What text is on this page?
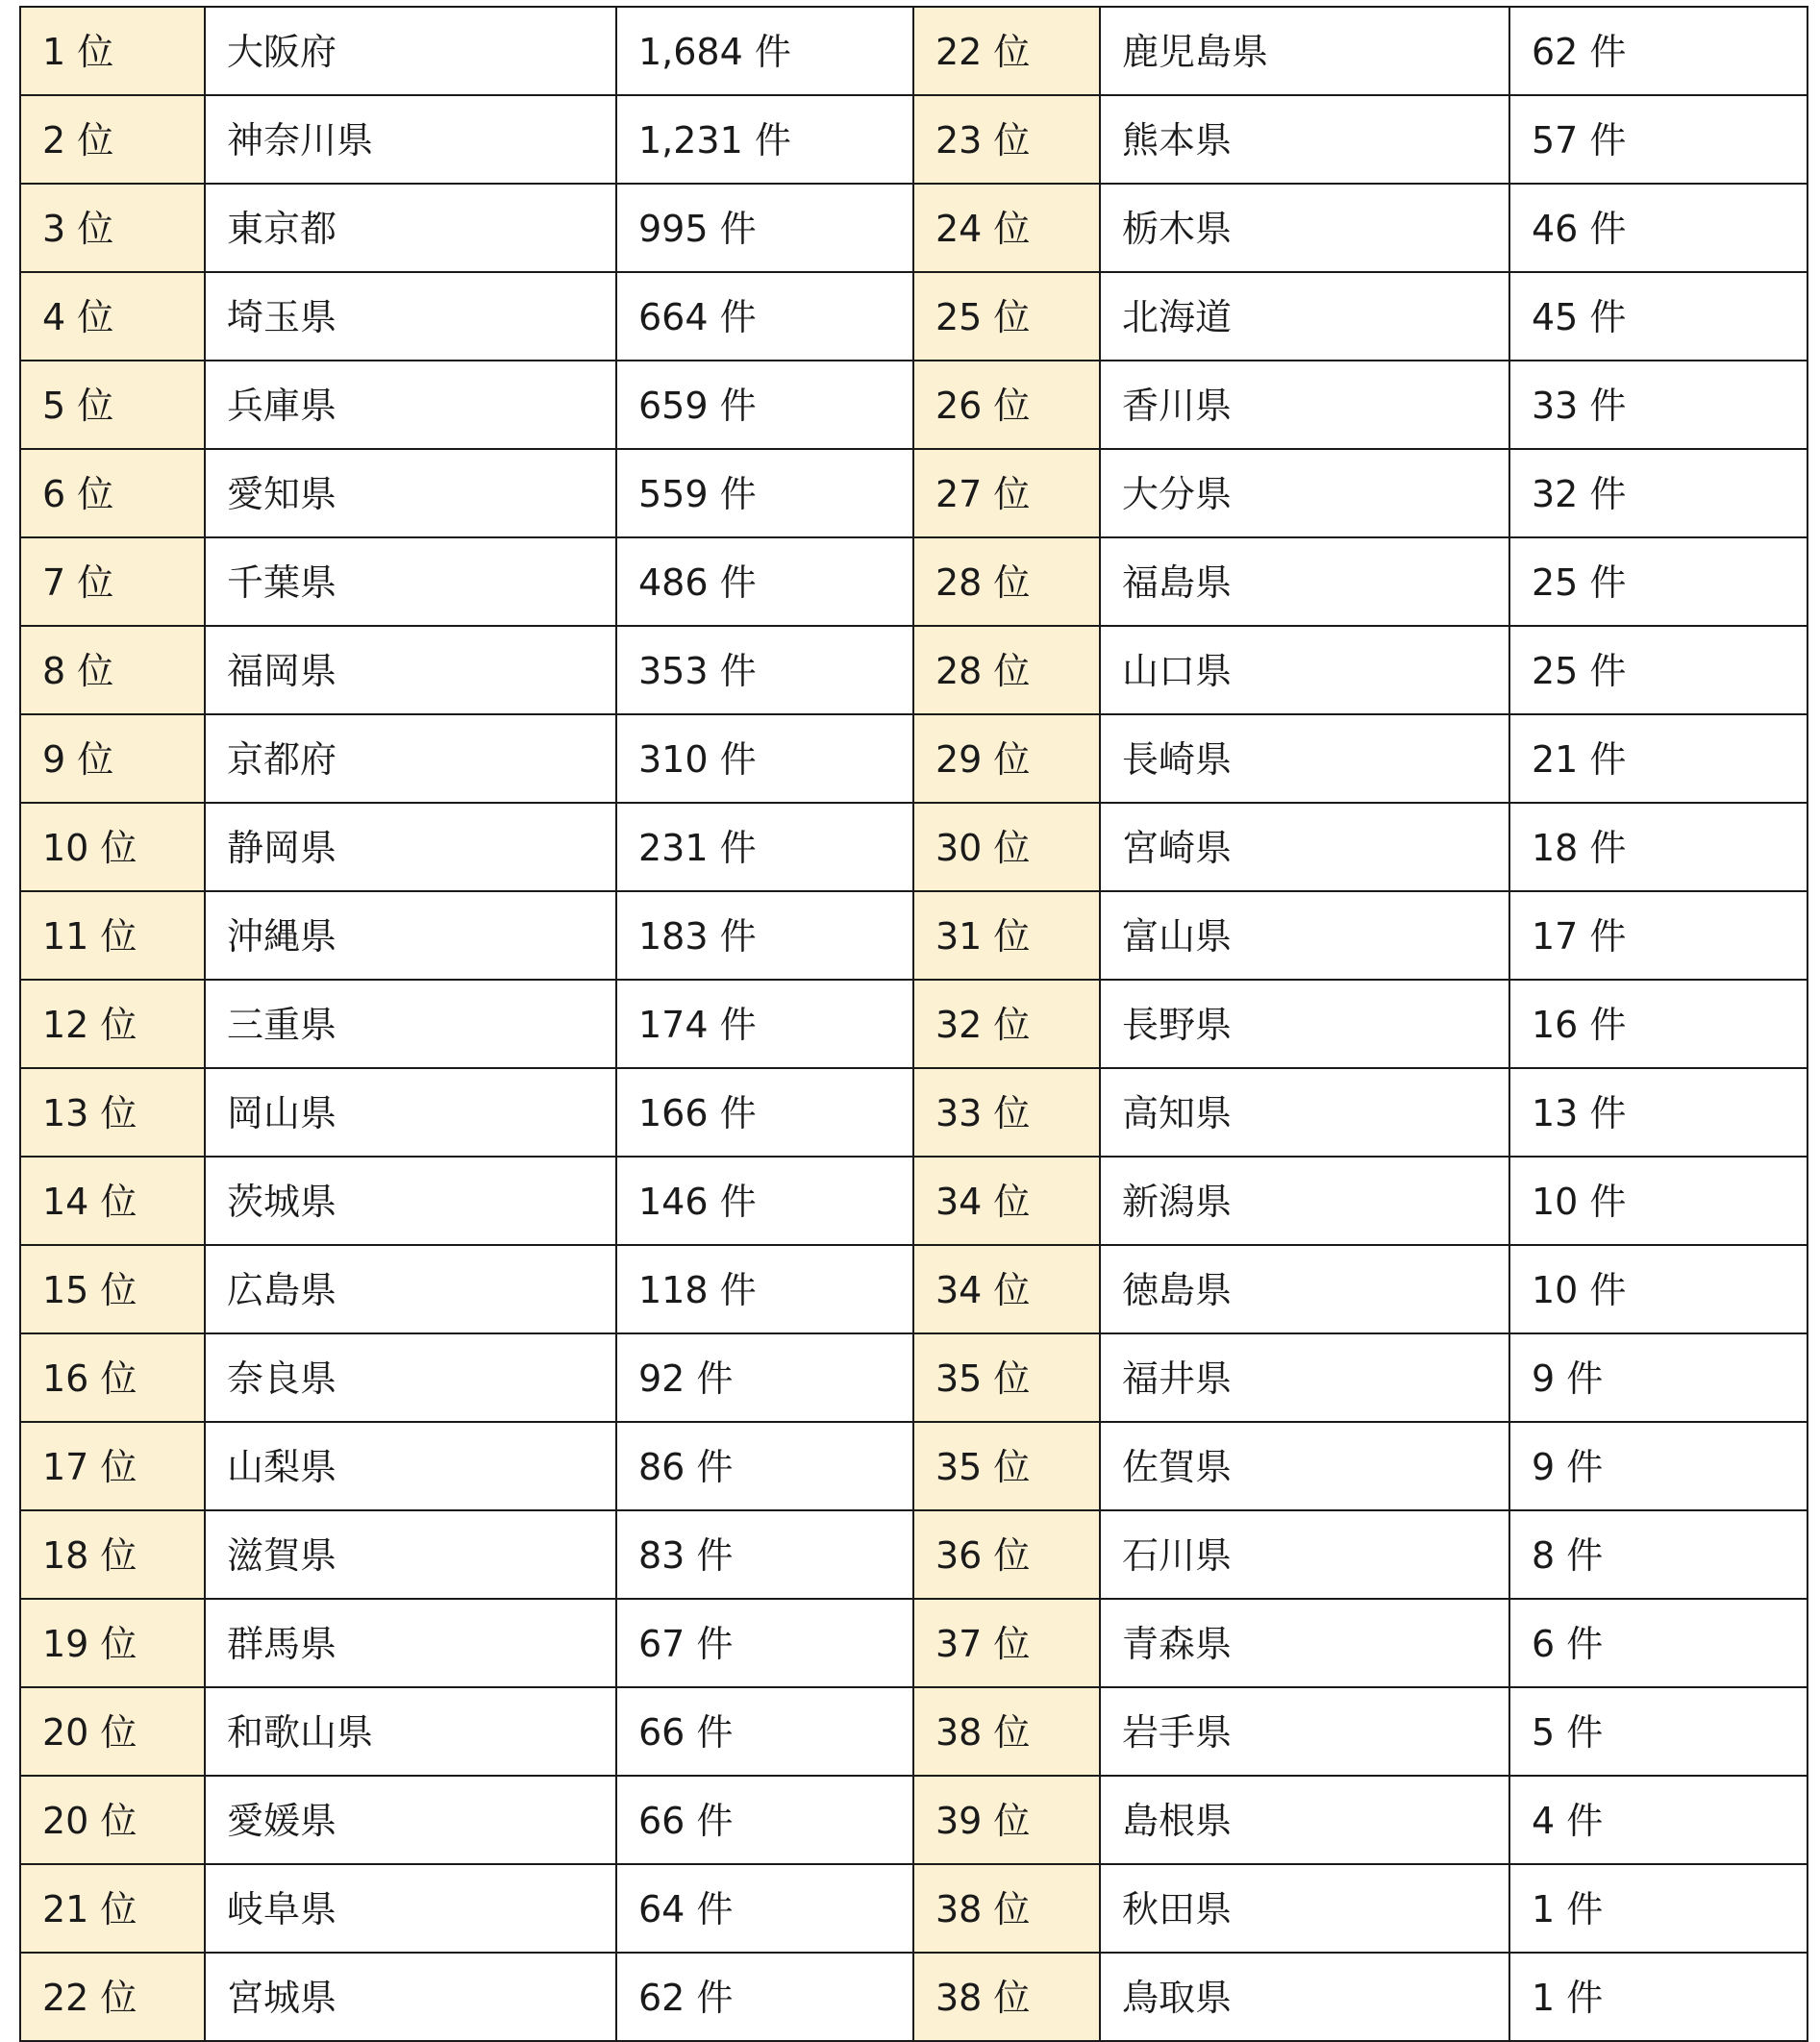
1 位	大阪府	1,684 件	22 位	鹿児島県	62 件
2 位	神奈川県	1,231 件	23 位	熊本県	57 件
3 位	東京都	995 件	24 位	栃木県	46 件
4 位	埼玉県	664 件	25 位	北海道	45 件
5 位	兵庫県	659 件	26 位	香川県	33 件
6 位	愛知県	559 件	27 位	大分県	32 件
7 位	千葉県	486 件	28 位	福島県	25 件
8 位	福岡県	353 件	28 位	山口県	25 件
9 位	京都府	310 件	29 位	長崎県	21 件
10 位	静岡県	231 件	30 位	宮崎県	18 件
11 位	沖縄県	183 件	31 位	富山県	17 件
12 位	三重県	174 件	32 位	長野県	16 件
13 位	岡山県	166 件	33 位	高知県	13 件
14 位	茨城県	146 件	34 位	新潟県	10 件
15 位	広島県	118 件	34 位	徳島県	10 件
16 位	奈良県	92 件	35 位	福井県	9 件
17 位	山梨県	86 件	35 位	佐賀県	9 件
18 位	滋賀県	83 件	36 位	石川県	8 件
19 位	群馬県	67 件	37 位	青森県	6 件
20 位	和歌山県	66 件	38 位	岩手県	5 件
20 位	愛媛県	66 件	39 位	島根県	4 件
21 位	岐阜県	64 件	38 位	秋田県	1 件
22 位	宮城県	62 件	38 位	鳥取県	1 件
